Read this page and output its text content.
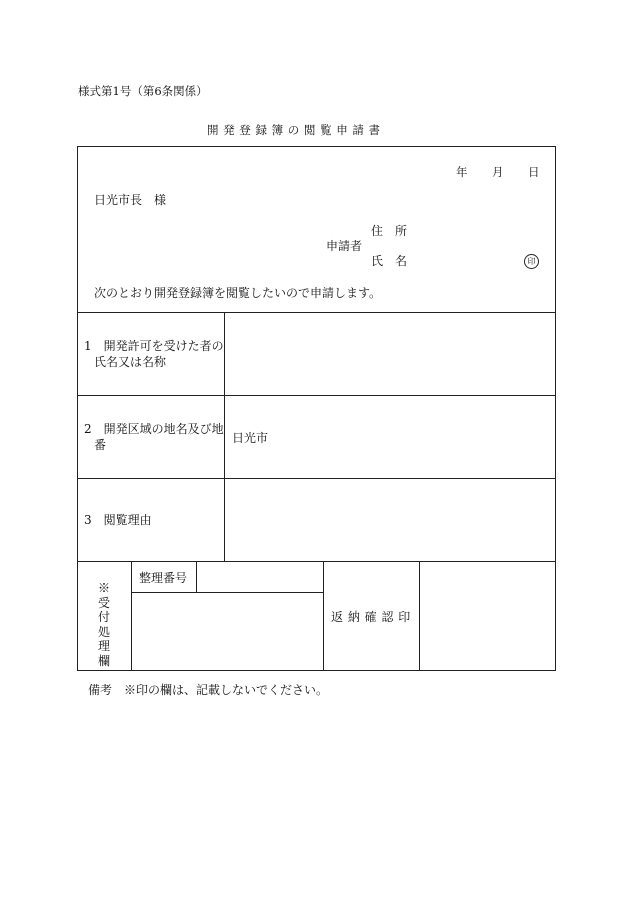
様式第1号（第6条関係）
開 発 登 録 簿 の 閲 覧 申 請 書
年 月 日
日光市長　様
住　所
申請者
氏　名	印
次のとおり開発登録簿を閲覧したいので申請します。
1　開発許可を受けた者の
氏名又は名称
2　開発区域の地名及び地
番	日光市
3　閲覧理由
※受付処理欄
整理番号
返 納 確 認 印
備考　※印の欄は、記載しないでください。
